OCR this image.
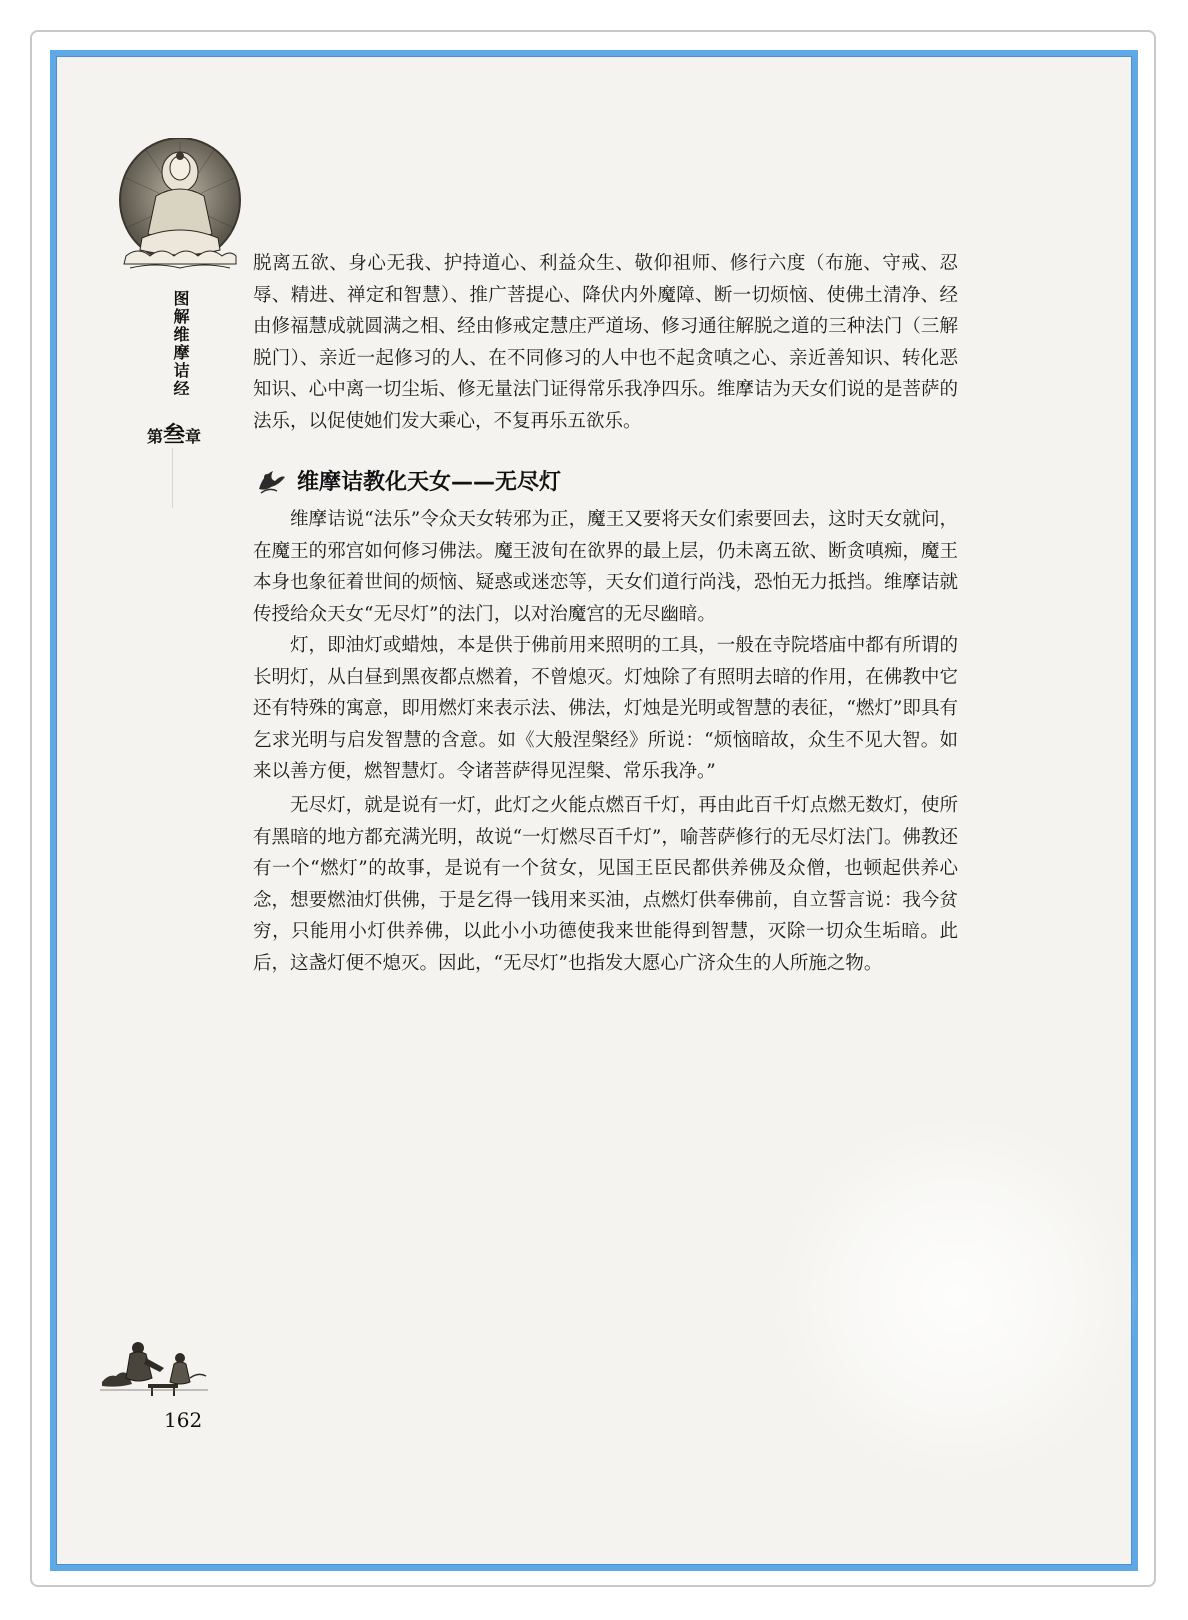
图解维摩诘经
第叁章

脱离五欲、身心无我、护持道心、利益众生、敬仰祖师、修行六度（布施、守戒、忍辱、精进、禅定和智慧）、推广菩提心、降伏内外魔障、断一切烦恼、使佛土清净、经由修福慧成就圆满之相、经由修戒定慧庄严道场、修习通往解脱之道的三种法门（三解脱门）、亲近一起修习的人、在不同修习的人中也不起贪嗔之心、亲近善知识、转化恶知识、心中离一切尘垢、修无量法门证得常乐我净四乐。维摩诘为天女们说的是菩萨的法乐，以促使她们发大乘心，不复再乐五欲乐。

维摩诘教化天女——无尽灯

维摩诘说“法乐”令众天女转邪为正，魔王又要将天女们索要回去，这时天女就问，在魔王的邪宫如何修习佛法。魔王波旬在欲界的最上层，仍未离五欲、断贪嗔痴，魔王本身也象征着世间的烦恼、疑惑或迷恋等，天女们道行尚浅，恐怕无力抵挡。维摩诘就传授给众天女“无尽灯”的法门，以对治魔宫的无尽幽暗。

灯，即油灯或蜡烛，本是供于佛前用来照明的工具，一般在寺院塔庙中都有所谓的长明灯，从白昼到黑夜都点燃着，不曾熄灭。灯烛除了有照明去暗的作用，在佛教中它还有特殊的寓意，即用燃灯来表示法、佛法，灯烛是光明或智慧的表征，“燃灯”即具有乞求光明与启发智慧的含意。如《大般涅槃经》所说：“烦恼暗故，众生不见大智。如来以善方便，燃智慧灯。令诸菩萨得见涅槃、常乐我净。”

无尽灯，就是说有一灯，此灯之火能点燃百千灯，再由此百千灯点燃无数灯，使所有黑暗的地方都充满光明，故说“一灯燃尽百千灯”，喻菩萨修行的无尽灯法门。佛教还有一个“燃灯”的故事，是说有一个贫女，见国王臣民都供养佛及众僧，也顿起供养心念，想要燃油灯供佛，于是乞得一钱用来买油，点燃灯供奉佛前，自立誓言说：我今贫穷，只能用小灯供养佛，以此小小功德使我来世能得到智慧，灭除一切众生垢暗。此后，这盏灯便不熄灭。因此，“无尽灯”也指发大愿心广济众生的人所施之物。

162
